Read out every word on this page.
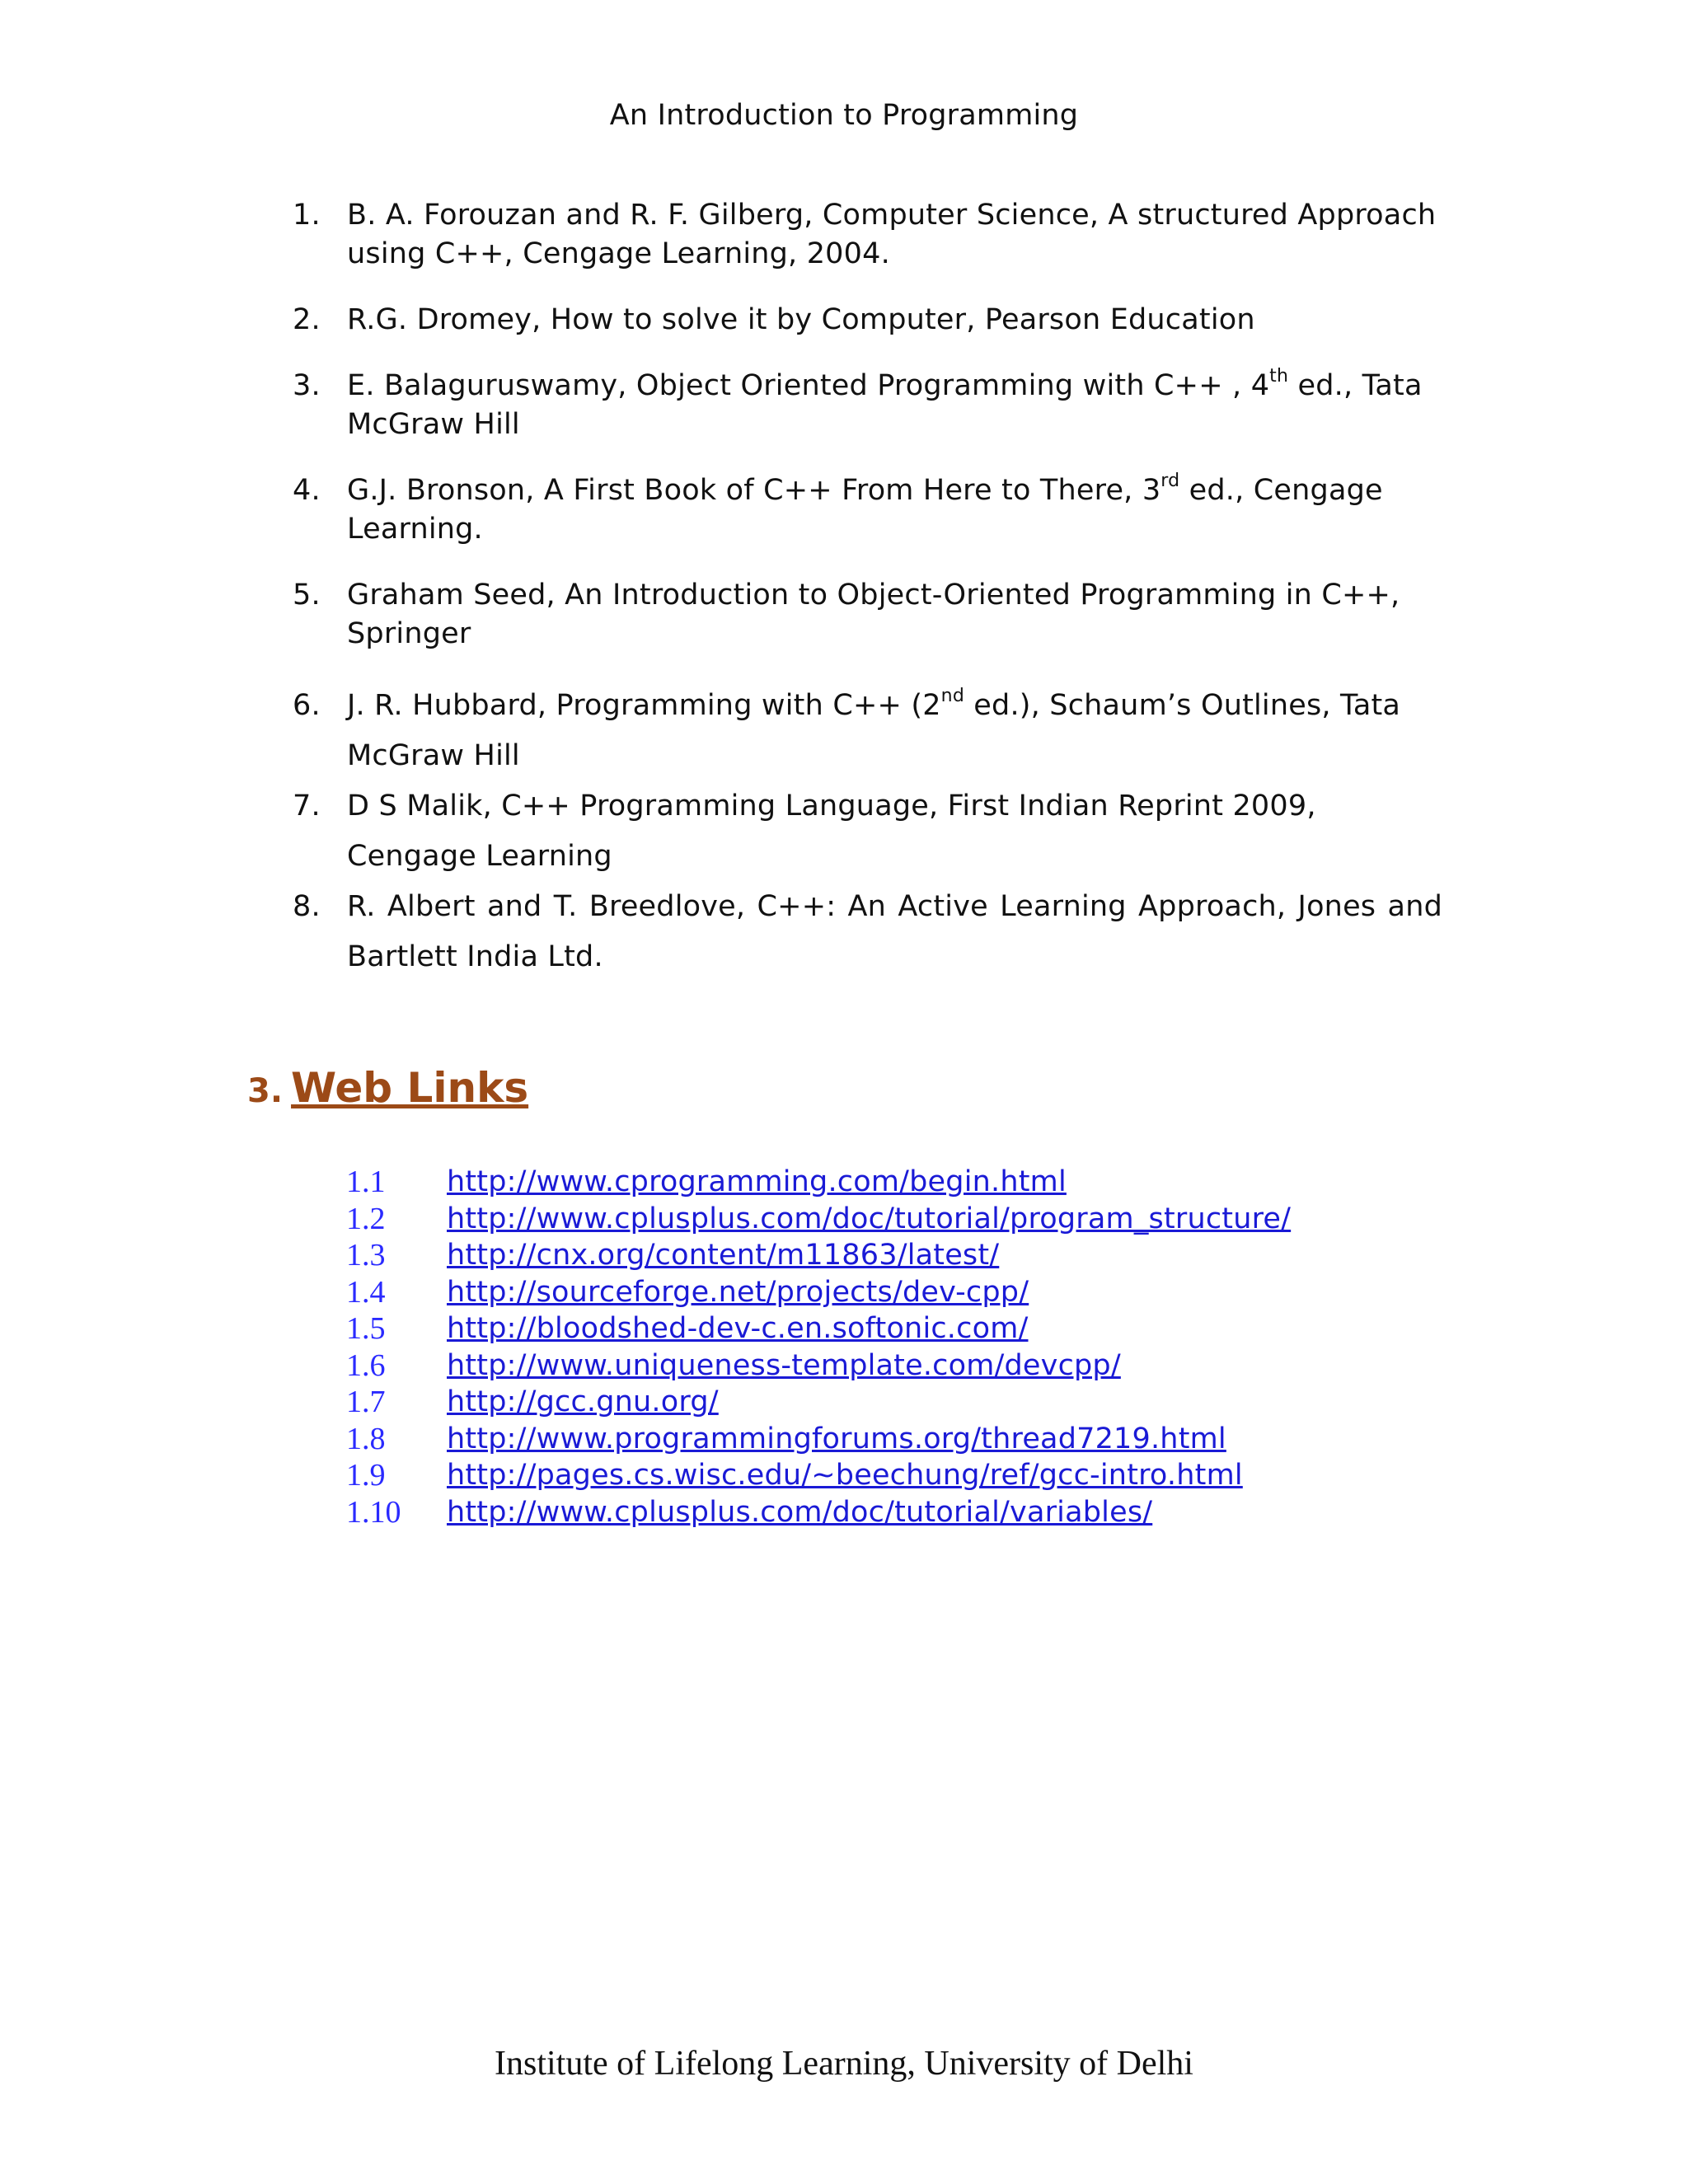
An Introduction to Programming
1. B. A. Forouzan and R. F. Gilberg, Computer Science, A structured Approach using C++, Cengage Learning, 2004.
2. R.G. Dromey, How to solve it by Computer, Pearson Education
3. E. Balaguruswamy, Object Oriented Programming with C++ , 4th ed., Tata McGraw Hill
4. G.J. Bronson, A First Book of C++ From Here to There, 3rd ed., Cengage Learning.
5. Graham Seed, An Introduction to Object-Oriented Programming in C++, Springer
6. J. R. Hubbard, Programming with C++ (2nd ed.), Schaum’s Outlines, Tata McGraw Hill
7. D S Malik, C++ Programming Language, First Indian Reprint 2009, Cengage Learning
8. R. Albert and T. Breedlove, C++: An Active Learning Approach, Jones and Bartlett India Ltd.
3. Web Links
1.1	http://www.cprogramming.com/begin.html
1.2	http://www.cplusplus.com/doc/tutorial/program_structure/
1.3	http://cnx.org/content/m11863/latest/
1.4	http://sourceforge.net/projects/dev-cpp/
1.5	http://bloodshed-dev-c.en.softonic.com/
1.6	http://www.uniqueness-template.com/devcpp/
1.7	http://gcc.gnu.org/
1.8	http://www.programmingforums.org/thread7219.html
1.9	http://pages.cs.wisc.edu/~beechung/ref/gcc-intro.html
1.10	http://www.cplusplus.com/doc/tutorial/variables/
Institute of Lifelong Learning, University of Delhi
